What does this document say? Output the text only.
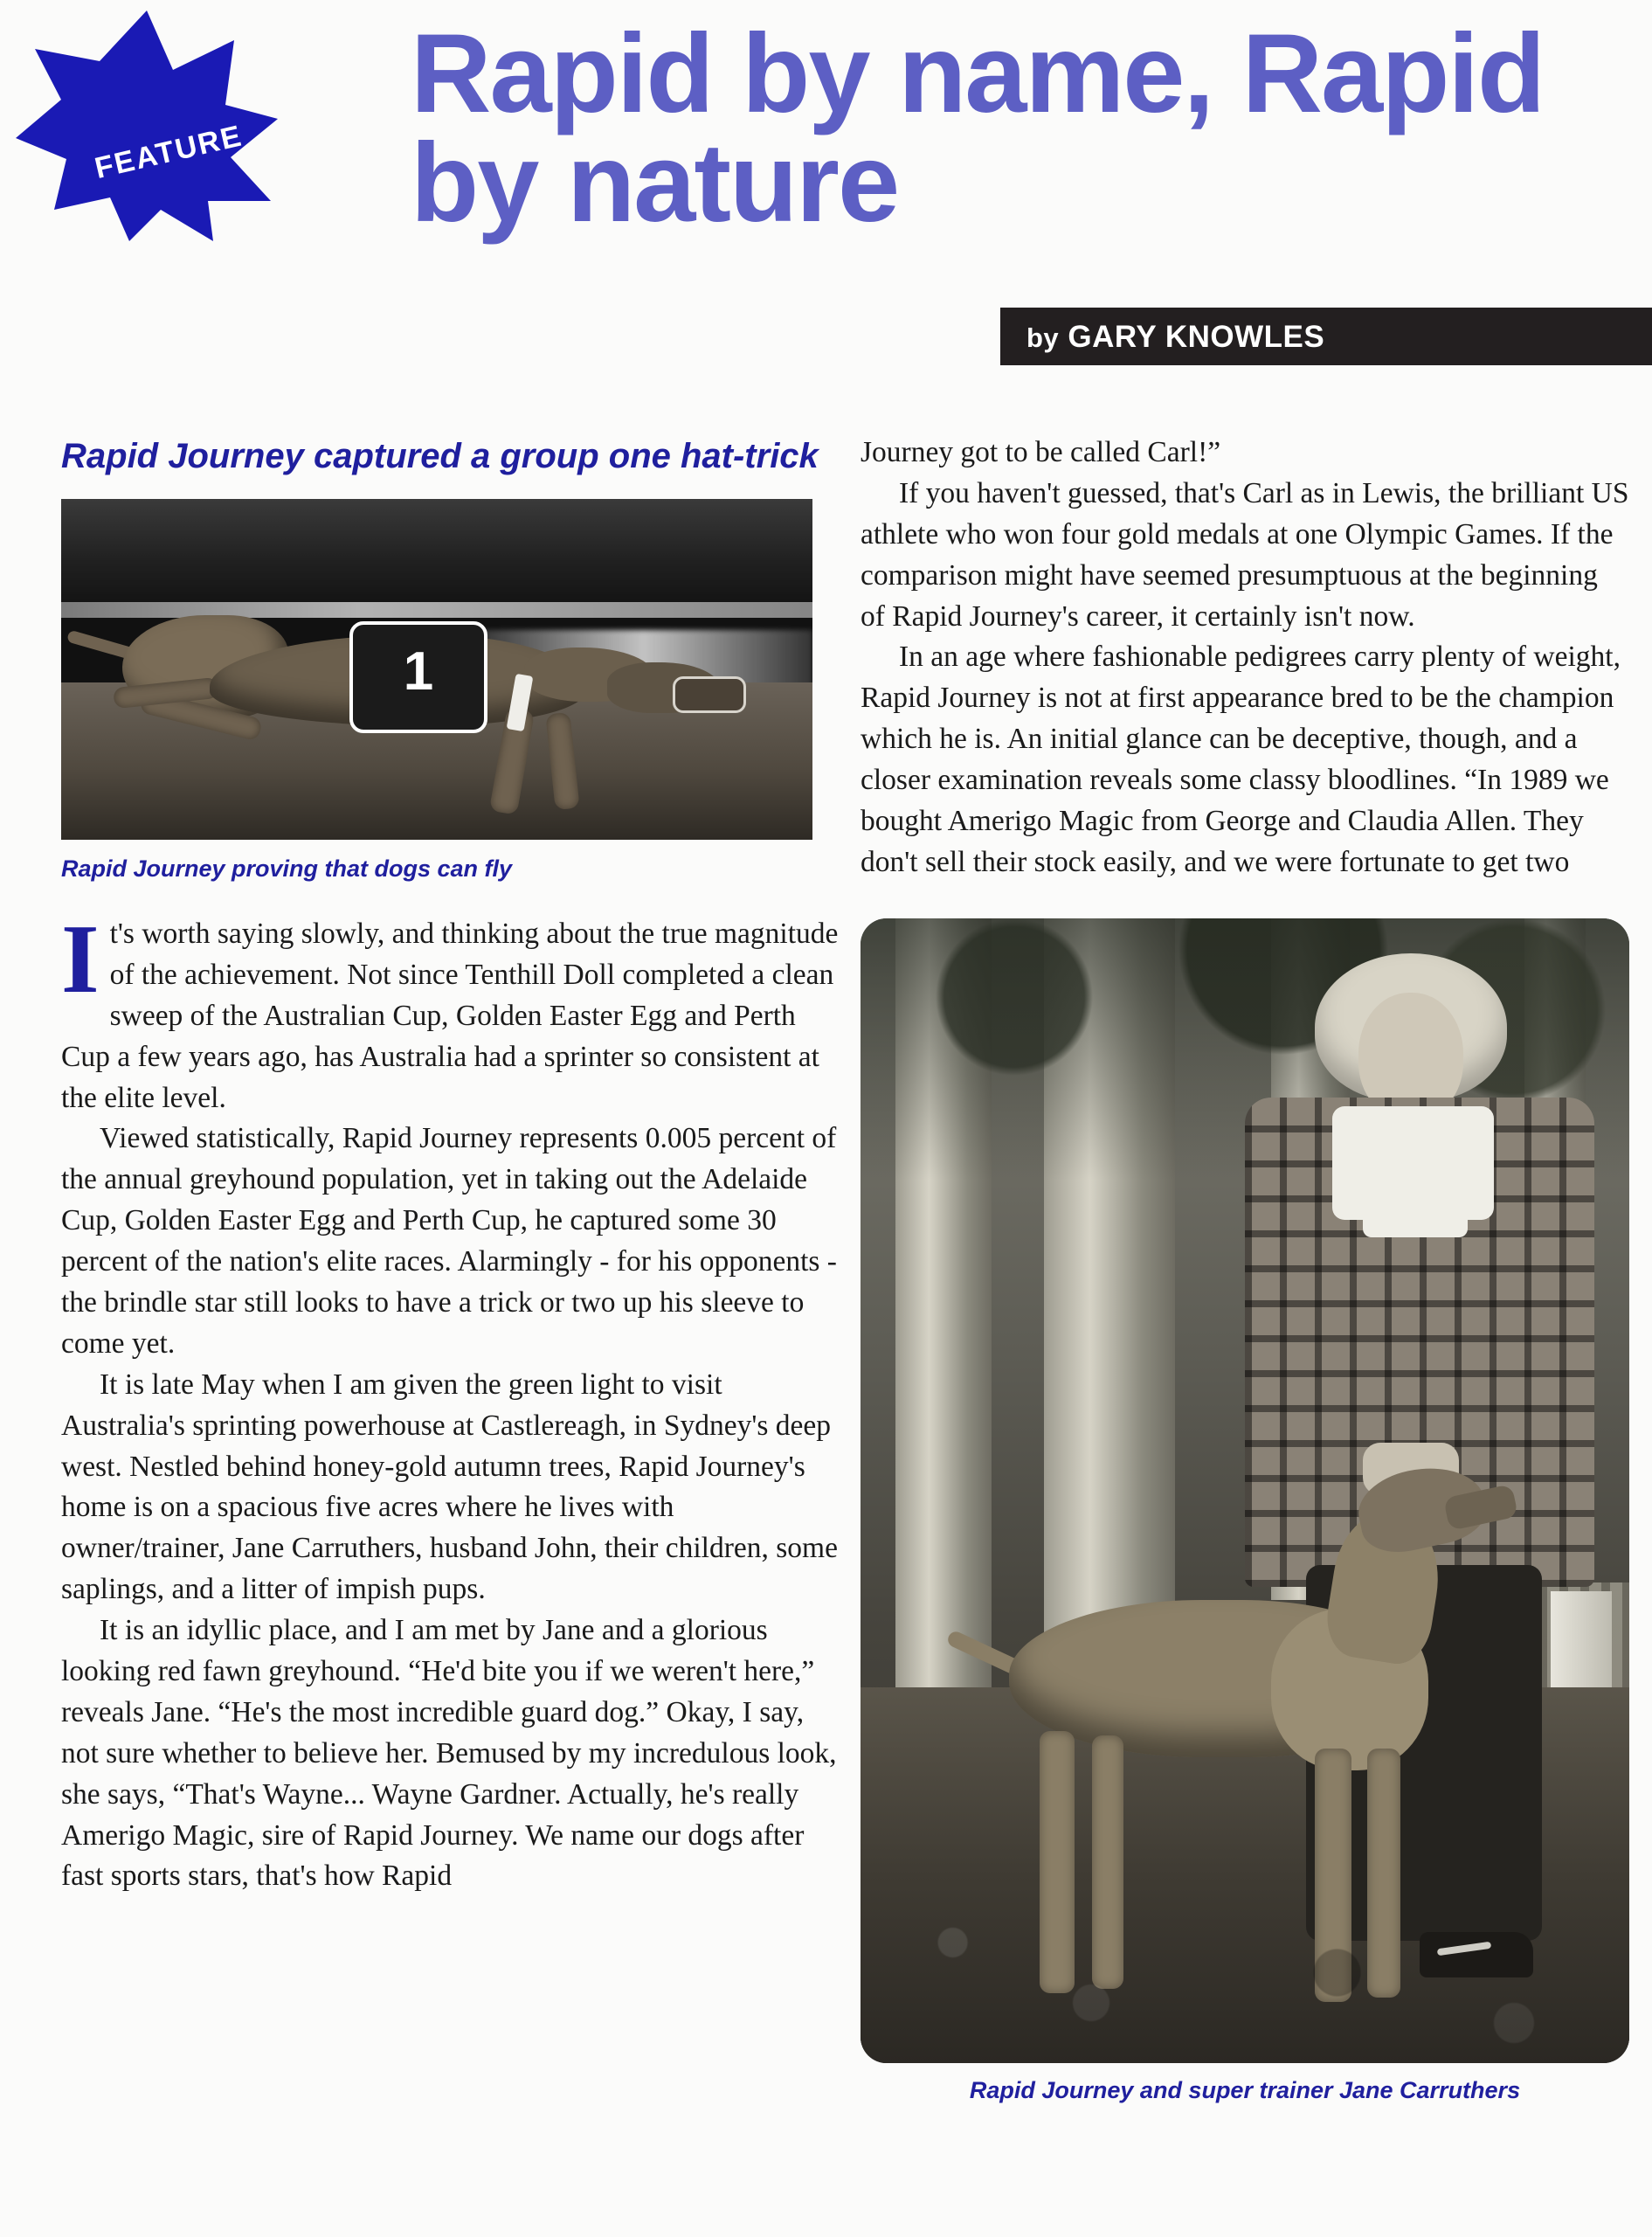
FEATURE
Rapid by name, Rapid
by nature
by GARY KNOWLES
Rapid Journey captured a group one hat-trick
1

Rapid Journey proving that dogs can fly

It's worth saying slowly, and thinking about the true magnitude of the achievement. Not since Tenthill Doll completed a clean sweep of the Australian Cup, Golden Easter Egg and Perth Cup a few years ago, has Australia had a sprinter so consistent at the elite level.

Viewed statistically, Rapid Journey represents 0.005 percent of the annual greyhound population, yet in taking out the Adelaide Cup, Golden Easter Egg and Perth Cup, he captured some 30 percent of the nation's elite races. Alarmingly - for his opponents - the brindle star still looks to have a trick or two up his sleeve to come yet.

It is late May when I am given the green light to visit Australia's sprinting powerhouse at Castlereagh, in Sydney's deep west. Nestled behind honey-gold autumn trees, Rapid Journey's home is on a spacious five acres where he lives with owner/trainer, Jane Carruthers, husband John, their children, some saplings, and a litter of impish pups.

It is an idyllic place, and I am met by Jane and a glorious looking red fawn greyhound. “He'd bite you if we weren't here,” reveals Jane. “He's the most incredible guard dog.” Okay, I say, not sure whether to believe her. Bemused by my incredulous look, she says, “That's Wayne... Wayne Gardner. Actually, he's really Amerigo Magic, sire of Rapid Journey. We name our dogs after fast sports stars, that's how Rapid

Journey got to be called Carl!”

If you haven't guessed, that's Carl as in Lewis, the brilliant US athlete who won four gold medals at one Olympic Games. If the comparison might have seemed presumptuous at the beginning of Rapid Journey's career, it certainly isn't now.

In an age where fashionable pedigrees carry plenty of weight, Rapid Journey is not at first appearance bred to be the champion which he is. An initial glance can be deceptive, though, and a closer examination reveals some classy bloodlines. “In 1989 we bought Amerigo Magic from George and Claudia Allen. They don't sell their stock easily, and we were fortunate to get two

Rapid Journey and super trainer Jane Carruthers
